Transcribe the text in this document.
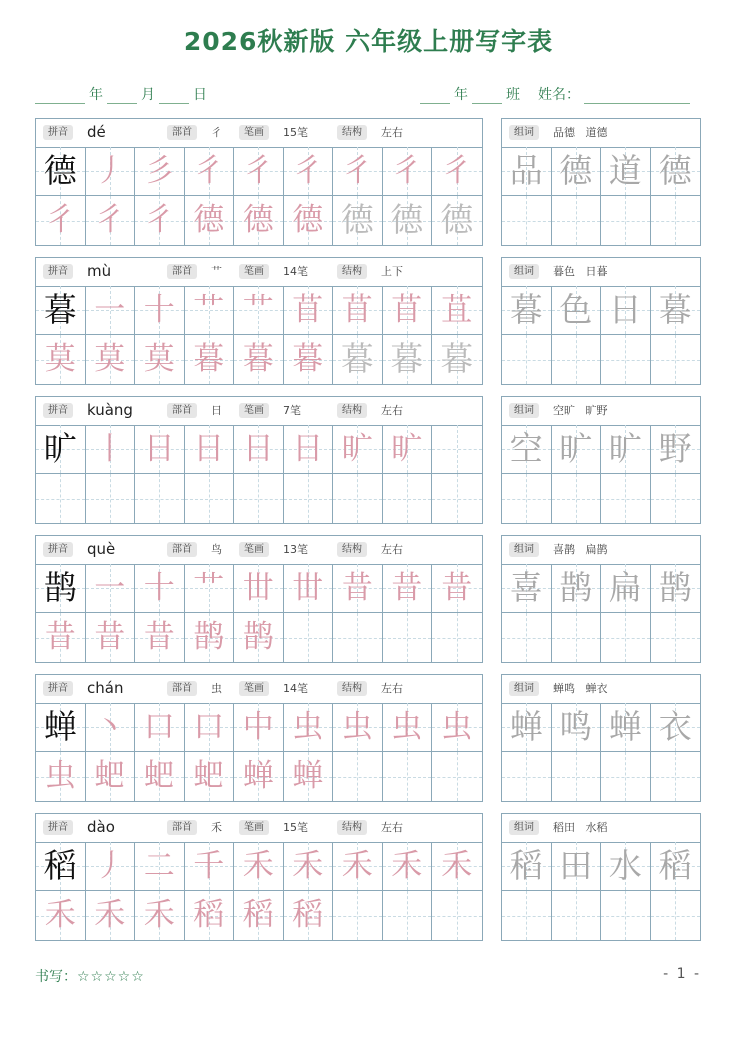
2026秋新版 六年级上册写字表
年	月	日	年	班 姓名：
拼音	dé	部首	彳	笔画	15笔	结构	左右
德 丿 彡 彳 彳 彳 彳 彳 彳
彳 彳 彳 德 德 德 德 德 德
组词	品德   道德
品 德 道 德
拼音	mù	部首	艹	笔画	14笔	结构	上下
暮 一 十 艹 艹 苜 苜 苜 苴
莫 莫 莫 暮 暮 暮 暮 暮 暮
组词	暮色   日暮
暮 色 日 暮
拼音	kuàng	部首	日	笔画	7笔	结构	左右
旷 丨 日 日 日 日 旷 旷
组词	空旷   旷野
空 旷 旷 野
拼音	què	部首	鸟	笔画	13笔	结构	左右
鹊 一 十 艹 丗 丗 昔 昔 昔
昔 昔 昔 鹊 鹊
组词	喜鹊   扁鹊
喜 鹊 扁 鹊
拼音	chán	部首	虫	笔画	14笔	结构	左右
蝉 丶 口 口 中 虫 虫 虫 虫
虫 蚆 蚆 蚆 蝉 蝉
组词	蝉鸣   蝉衣
蝉 鸣 蝉 衣
拼音	dào	部首	禾	笔画	15笔	结构	左右
稻 丿 二 千 禾 禾 禾 禾 禾
禾 禾 禾 稻 稻 稻
组词	稻田   水稻
稻 田 水 稻
书写：☆☆☆☆☆	- 1 -
